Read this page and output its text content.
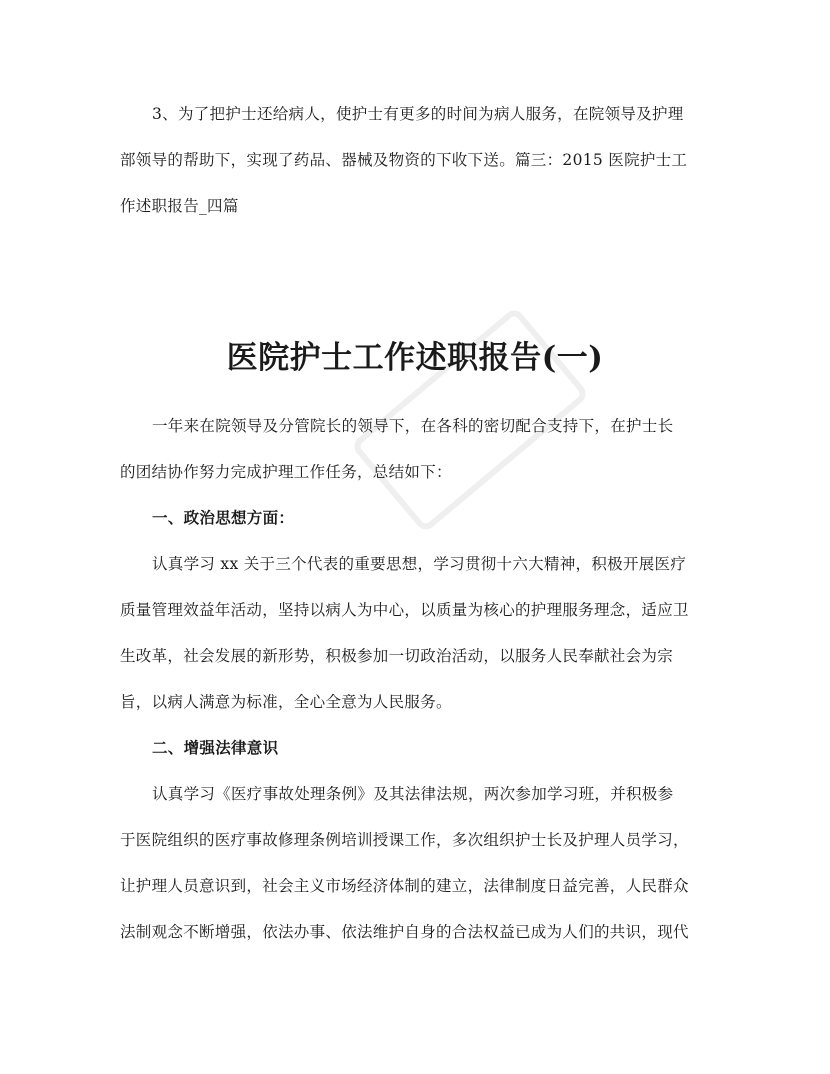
3、为了把护士还给病人，使护士有更多的时间为病人服务，在院领导及护理
部领导的帮助下，实现了药品、器械及物资的下收下送。篇三：2015 医院护士工
作述职报告_四篇
医院护士工作述职报告(一)
一年来在院领导及分管院长的领导下，在各科的密切配合支持下，在护士长
的团结协作努力完成护理工作任务，总结如下：
一、政治思想方面：
认真学习 xx 关于三个代表的重要思想，学习贯彻十六大精神，积极开展医疗
质量管理效益年活动，坚持以病人为中心，以质量为核心的护理服务理念，适应卫
生改革，社会发展的新形势，积极参加一切政治活动，以服务人民奉献社会为宗
旨，以病人满意为标准，全心全意为人民服务。
二、增强法律意识
认真学习《医疗事故处理条例》及其法律法规，两次参加学习班，并积极参
于医院组织的医疗事故修理条例培训授课工作，多次组织护士长及护理人员学习，
让护理人员意识到，社会主义市场经济体制的建立，法律制度日益完善，人民群众
法制观念不断增强，依法办事、依法维护自身的合法权益已成为人们的共识，现代
